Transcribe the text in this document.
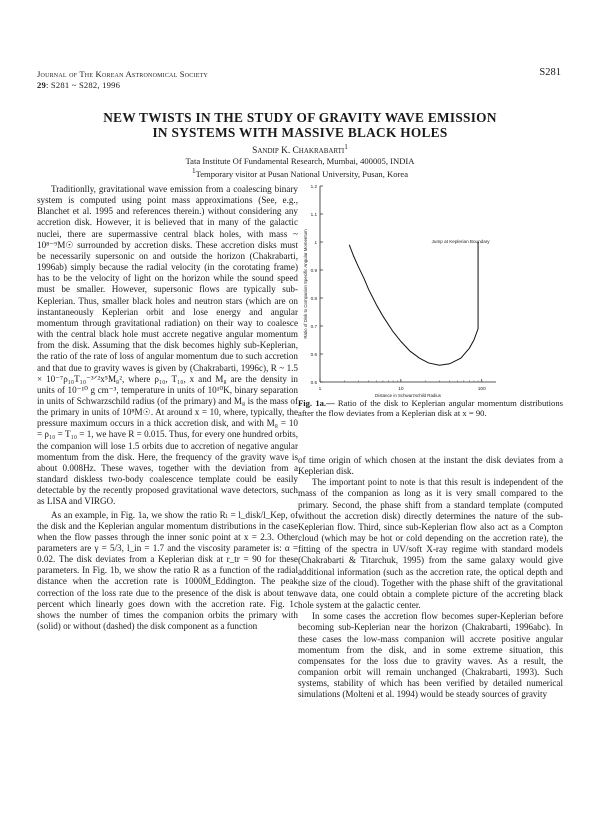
Journal of The Korean Astronomical Society
29: S281 ~ S282, 1996
S281
NEW TWISTS IN THE STUDY OF GRAVITY WAVE EMISSION
IN SYSTEMS WITH MASSIVE BLACK HOLES
Sandip K. Chakrabarti$^1$
Tata Institute Of Fundamental Research, Mumbai, 400005, INDIA
$^1$Temporary visitor at Pusan National University, Pusan, Korea

Traditionlly, gravitational wave emission from a coalescing binary system is computed using point mass approximations (See, e.g., Blanchet et al. 1995 and references therein.) without considering any accretion disk. However, it is believed that in many of the galactic nuclei, there are supermassive central black holes, with mass ~ 10⁸⁻⁹M☉ surrounded by accretion disks. These accretion disks must be necessarily supersonic on and outside the horizon (Chakrabarti, 1996ab) simply because the radial velocity (in the corotating frame) has to be the velocity of light on the horizon while the sound speed must be smaller. However, supersonic flows are typically sub-Keplerian. Thus, smaller black holes and neutron stars (which are on instantaneously Keplerian orbit and lose energy and angular momentum through gravitational radiation) on their way to coalesce with the central black hole must accrete negative angular momentum from the disk. Assuming that the disk becomes highly sub-Keplerian, the ratio of the rate of loss of angular momentum due to such accretion and that due to gravity waves is given by (Chakrabarti, 1996c), R ~ 1.5 × 10⁻⁷ρ₁₀T₁₀⁻³ᐟ²x⁵M₈², where ρ₁₀, T₁₀, x and M₈ are the density in units of 10⁻¹⁰ g cm⁻³, temperature in units of 10¹⁰K, binary separation in units of Schwarzschild radius (of the primary) and M₈ is the mass of the primary in units of 10⁸M☉. At around x = 10, where, typically, the pressure maximum occurs in a thick accretion disk, and with M₈ = 10 = ρ₁₀ = T₁₀ = 1, we have R = 0.015. Thus, for every one hundred orbits, the companion will lose 1.5 orbits due to accretion of negative angular momentum from the disk. Here, the frequency of the gravity wave is about 0.008Hz. These waves, together with the deviation from a standard diskless two-body coalescence template could be easily detectable by the recently proposed gravitational wave detectors, such as LISA and VIRGO.

As an example, in Fig. 1a, we show the ratio Rₗ = l_disk/l_Kep, of the disk and the Keplerian angular momentum distributions in the case when the flow passes through the inner sonic point at x = 2.3. Other parameters are γ = 5/3, l_in = 1.7 and the viscosity parameter is: α = 0.02. The disk deviates from a Keplerian disk at r_tr = 90 for these parameters. In Fig. 1b, we show the ratio R as a function of the radial distance when the accretion rate is 1000Ṁ_Eddington. The peak correction of the loss rate due to the presence of the disk is about ten percent which linearly goes down with the accretion rate. Fig. 1c shows the number of times the companion orbits the primary with (solid) or without (dashed) the disk component as a function

0.5
0.6
0.7
0.8
0.9
1
1.1
1.2
1	10	100
Distance in Schwarzschild Radius
Ratio of Disk to Companion Specific Angular Momentum	Jump at Keplerian Boundary
Fig. 1a.— Ratio of the disk to Keplerian angular momentum distributions after the flow deviates from a Keplerian disk at x = 90.

of time origin of which chosen at the instant the disk deviates from a Keplerian disk.

The important point to note is that this result is independent of the mass of the companion as long as it is very small compared to the primary. Second, the phase shift from a standard template (computed without the accretion disk) directly determines the nature of the sub-Keplerian flow. Third, since sub-Keplerian flow also act as a Compton cloud (which may be hot or cold depending on the accretion rate), the fitting of the spectra in UV/soft X-ray regime with standard models (Chakrabarti & Titarchuk, 1995) from the same galaxy would give additional information (such as the accretion rate, the optical depth and the size of the cloud). Together with the phase shift of the gravitational wave data, one could obtain a complete picture of the accreting black hole system at the galactic center.

In some cases the accretion flow becomes super-Keplerian before becoming sub-Keplerian near the horizon (Chakrabarti, 1996abc). In these cases the low-mass companion will accrete positive angular momentum from the disk, and in some extreme situation, this compensates for the loss due to gravity waves. As a result, the companion orbit will remain unchanged (Chakrabarti, 1993). Such systems, stability of which has been verified by detailed numerical simulations (Molteni et al. 1994) would be steady sources of gravity
